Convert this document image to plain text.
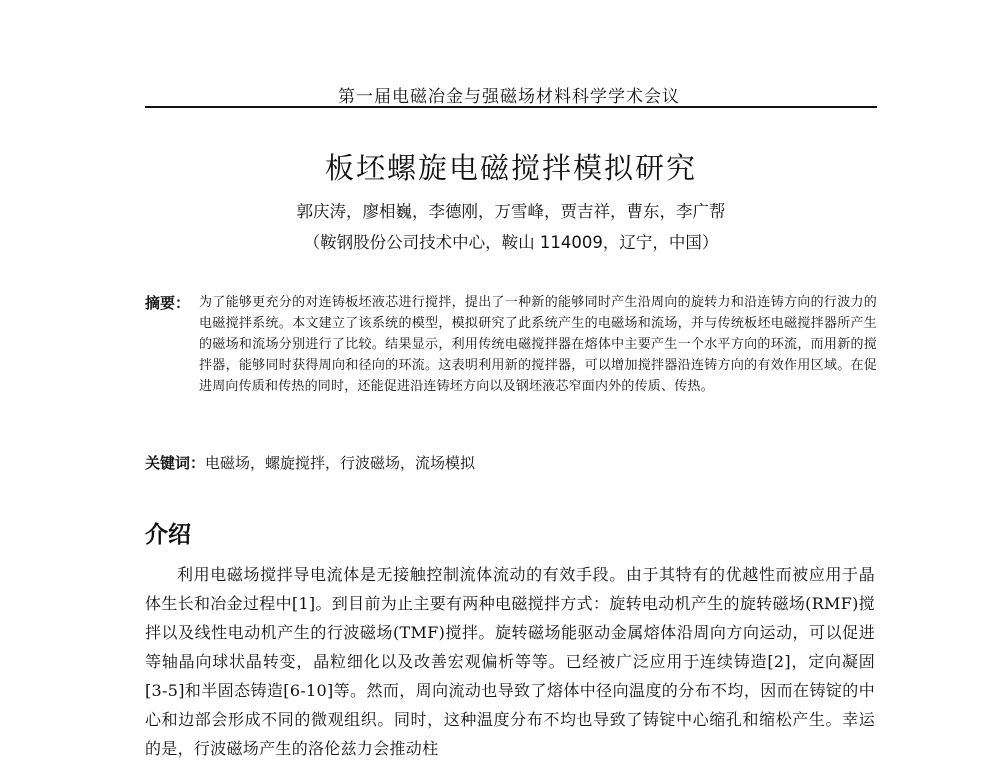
第一届电磁冶金与强磁场材料科学学术会议
板坯螺旋电磁搅拌模拟研究
郭庆涛，廖相巍，李德刚，万雪峰，贾吉祥，曹东，李广帮
（鞍钢股份公司技术中心，鞍山 114009，辽宁，中国）
摘要： 为了能够更充分的对连铸板坯液芯进行搅拌，提出了一种新的能够同时产生沿周向的旋转力和沿连铸方向的行波力的电磁搅拌系统。本文建立了该系统的模型，模拟研究了此系统产生的电磁场和流场，并与传统板坯电磁搅拌器所产生的磁场和流场分别进行了比较。结果显示，利用传统电磁搅拌器在熔体中主要产生一个水平方向的环流，而用新的搅拌器，能够同时获得周向和径向的环流。这表明利用新的搅拌器，可以增加搅拌器沿连铸方向的有效作用区域。在促进周向传质和传热的同时，还能促进沿连铸坯方向以及钢坯液芯窄面内外的传质、传热。
关键词：电磁场，螺旋搅拌，行波磁场，流场模拟
介绍
利用电磁场搅拌导电流体是无接触控制流体流动的有效手段。由于其特有的优越性而被应用于晶体生长和冶金过程中[1]。到目前为止主要有两种电磁搅拌方式：旋转电动机产生的旋转磁场(RMF)搅拌以及线性电动机产生的行波磁场(TMF)搅拌。旋转磁场能驱动金属熔体沿周向方向运动，可以促进等轴晶向球状晶转变，晶粒细化以及改善宏观偏析等等。已经被广泛应用于连续铸造[2]，定向凝固[3-5]和半固态铸造[6-10]等。然而，周向流动也导致了熔体中径向温度的分布不均，因而在铸锭的中心和边部会形成不同的微观组织。同时，这种温度分布不均也导致了铸锭中心缩孔和缩松产生。幸运的是，行波磁场产生的洛伦兹力会推动柱
